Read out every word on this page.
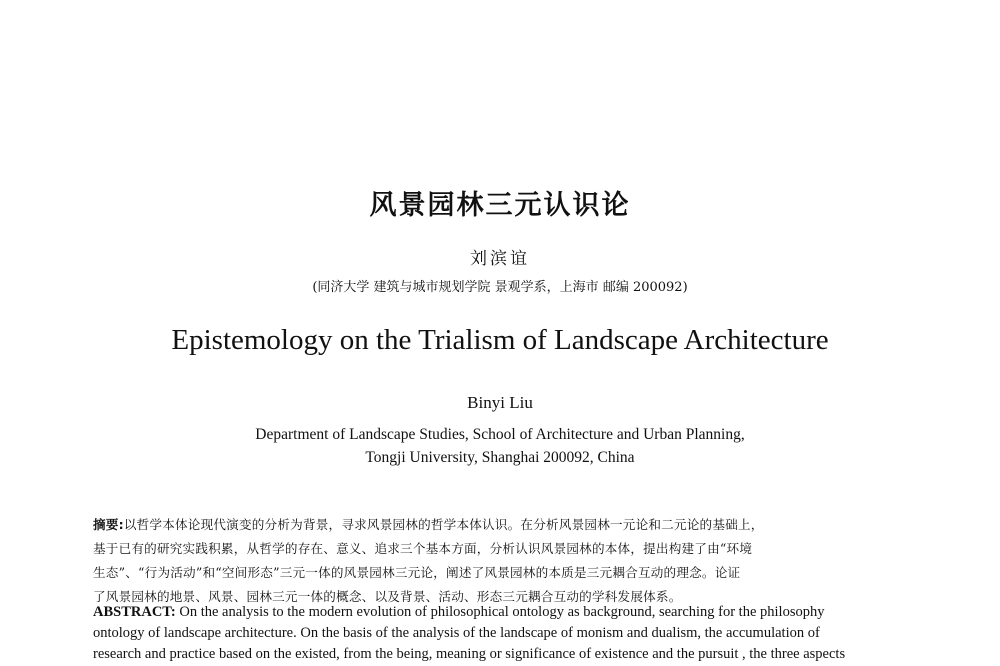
风景园林三元认识论
刘滨谊
(同济大学 建筑与城市规划学院 景观学系，上海市 邮编 200092)
Epistemology on the Trialism of Landscape Architecture
Binyi Liu
Department of Landscape Studies, School of Architecture and Urban Planning,
Tongji University, Shanghai 200092, China
摘要:以哲学本体论现代演变的分析为背景，寻求风景园林的哲学本体认识。在分析风景园林一元论和二元论的基础上，
基于已有的研究实践积累，从哲学的存在、意义、追求三个基本方面，分析认识风景园林的本体，提出构建了由“环境
生态”、“行为活动”和“空间形态”三元一体的风景园林三元论，阐述了风景园林的本质是三元耦合互动的理念。论证
了风景园林的地景、风景、园林三元一体的概念、以及背景、活动、形态三元耦合互动的学科发展体系。
ABSTRACT: On the analysis to the modern evolution of philosophical ontology as background, searching for the philosophy
ontology of landscape architecture. On the basis of the analysis of the landscape of monism and dualism, the accumulation of
research and practice based on the existed, from the being, meaning or significance of existence and the pursuit , the three aspects
